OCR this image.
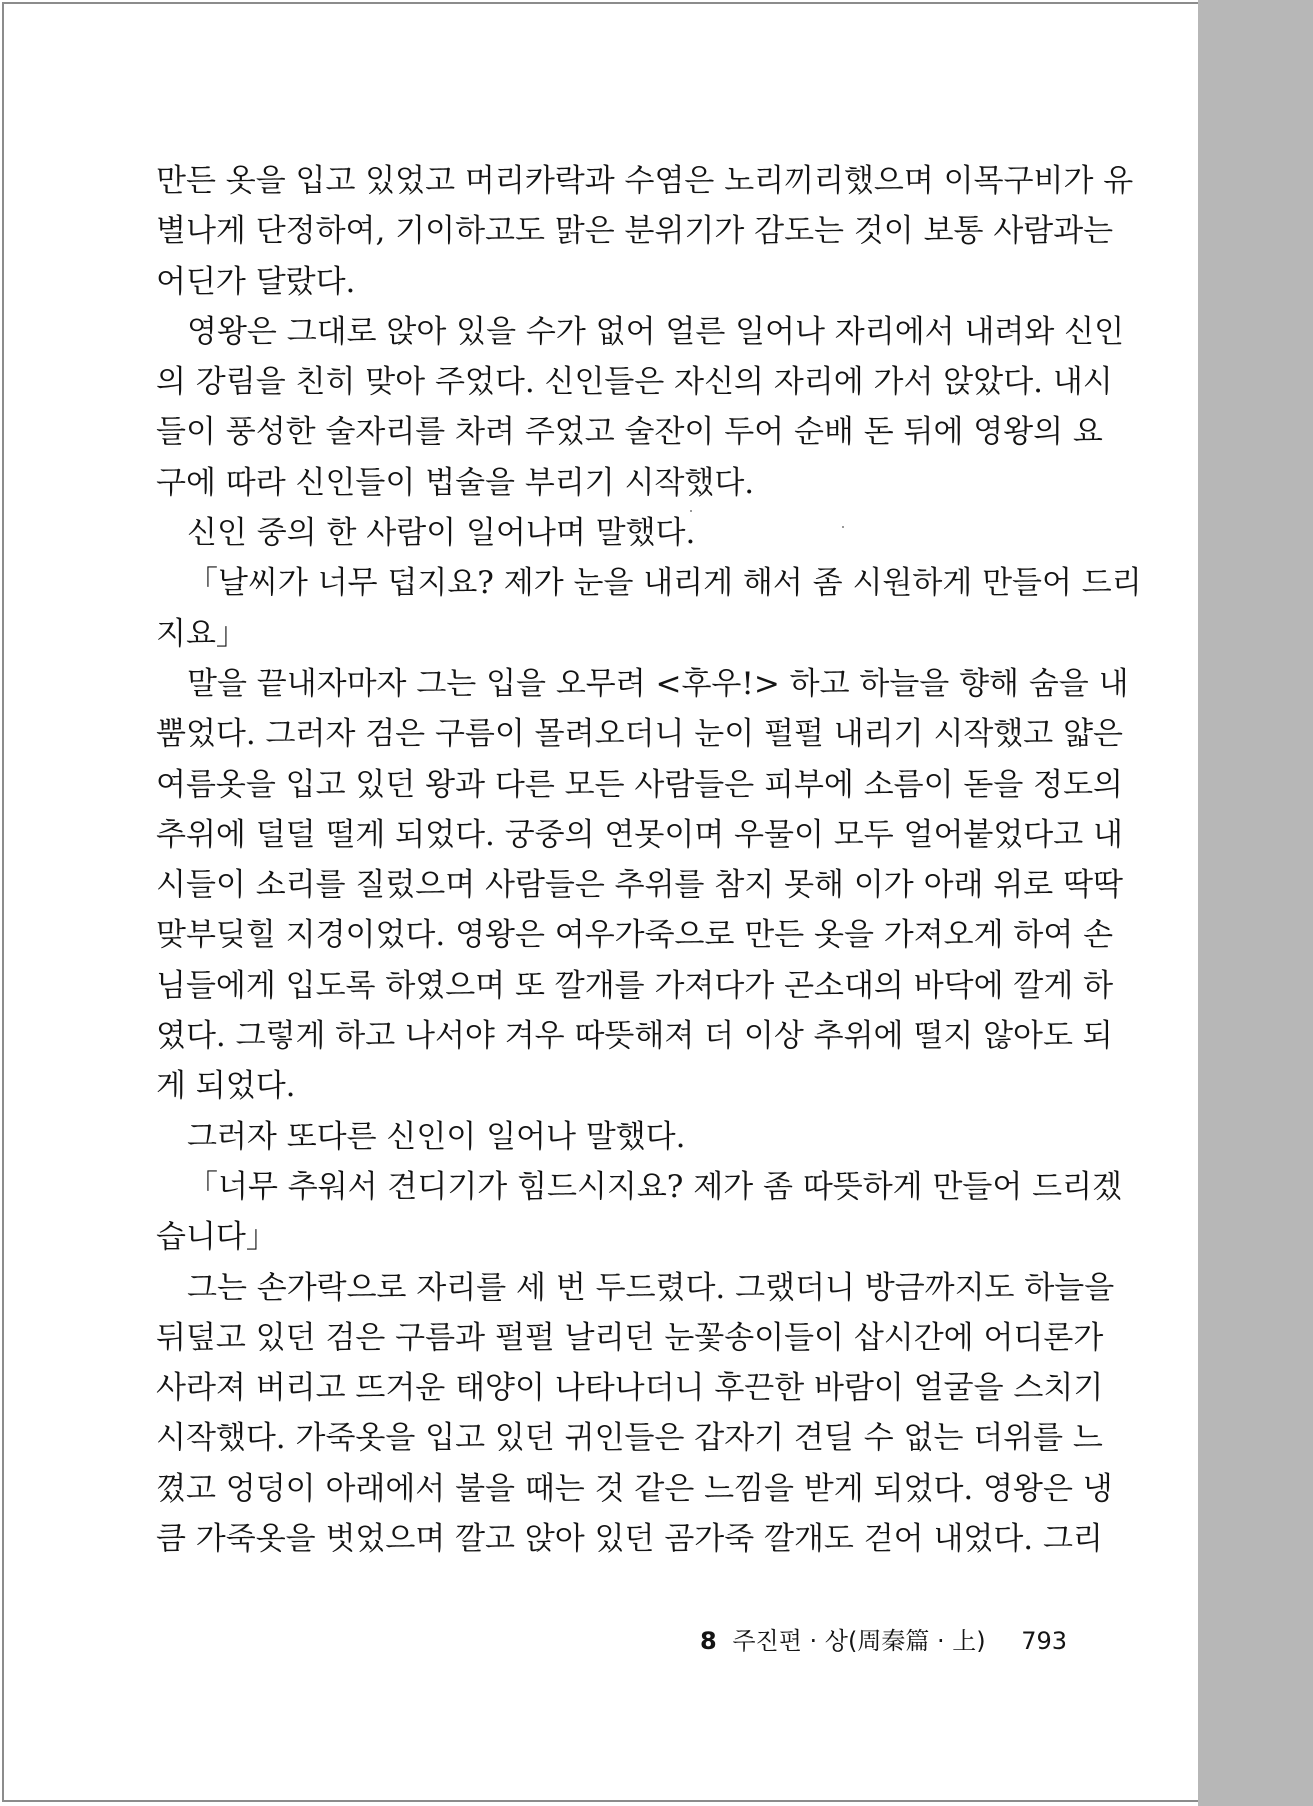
만든 옷을 입고 있었고 머리카락과 수염은 노리끼리했으며 이목구비가 유
별나게 단정하여, 기이하고도 맑은 분위기가 감도는 것이 보통 사람과는
어딘가 달랐다.
영왕은 그대로 앉아 있을 수가 없어 얼른 일어나 자리에서 내려와 신인
의 강림을 친히 맞아 주었다. 신인들은 자신의 자리에 가서 앉았다. 내시
들이 풍성한 술자리를 차려 주었고 술잔이 두어 순배 돈 뒤에 영왕의 요
구에 따라 신인들이 법술을 부리기 시작했다.
신인 중의 한 사람이 일어나며 말했다.
「날씨가 너무 덥지요? 제가 눈을 내리게 해서 좀 시원하게 만들어 드리
지요」
말을 끝내자마자 그는 입을 오무려 <후우!> 하고 하늘을 향해 숨을 내
뿜었다. 그러자 검은 구름이 몰려오더니 눈이 펄펄 내리기 시작했고 얇은
여름옷을 입고 있던 왕과 다른 모든 사람들은 피부에 소름이 돋을 정도의
추위에 덜덜 떨게 되었다. 궁중의 연못이며 우물이 모두 얼어붙었다고 내
시들이 소리를 질렀으며 사람들은 추위를 참지 못해 이가 아래 위로 딱딱
맞부딪힐 지경이었다. 영왕은 여우가죽으로 만든 옷을 가져오게 하여 손
님들에게 입도록 하였으며 또 깔개를 가져다가 곤소대의 바닥에 깔게 하
였다. 그렇게 하고 나서야 겨우 따뜻해져 더 이상 추위에 떨지 않아도 되
게 되었다.
그러자 또다른 신인이 일어나 말했다.
「너무 추워서 견디기가 힘드시지요? 제가 좀 따뜻하게 만들어 드리겠
습니다」
그는 손가락으로 자리를 세 번 두드렸다. 그랬더니 방금까지도 하늘을
뒤덮고 있던 검은 구름과 펄펄 날리던 눈꽃송이들이 삽시간에 어디론가
사라져 버리고 뜨거운 태양이 나타나더니 후끈한 바람이 얼굴을 스치기
시작했다. 가죽옷을 입고 있던 귀인들은 갑자기 견딜 수 없는 더위를 느
꼈고 엉덩이 아래에서 불을 때는 것 같은 느낌을 받게 되었다. 영왕은 냉
큼 가죽옷을 벗었으며 깔고 앉아 있던 곰가죽 깔개도 걷어 내었다. 그리
8 주진편 · 상(周秦篇 · 上) 793
